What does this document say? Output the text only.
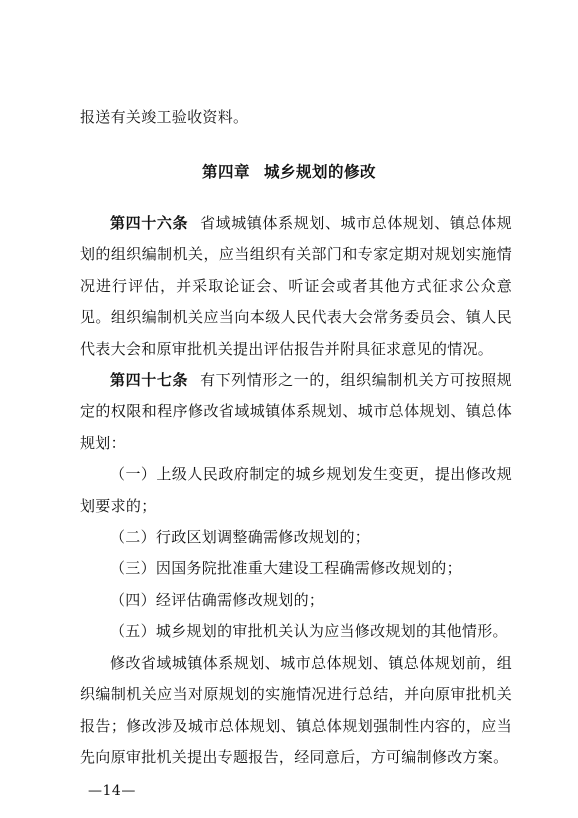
报送有关竣工验收资料。

第四章 城乡规划的修改

第四十六条 省域城镇体系规划、城市总体规划、镇总体规划的组织编制机关，应当组织有关部门和专家定期对规划实施情况进行评估，并采取论证会、听证会或者其他方式征求公众意见。组织编制机关应当向本级人民代表大会常务委员会、镇人民代表大会和原审批机关提出评估报告并附具征求意见的情况。

第四十七条 有下列情形之一的，组织编制机关方可按照规定的权限和程序修改省域城镇体系规划、城市总体规划、镇总体规划：

（一）上级人民政府制定的城乡规划发生变更，提出修改规划要求的；

（二）行政区划调整确需修改规划的；

（三）因国务院批准重大建设工程确需修改规划的；

（四）经评估确需修改规划的；

（五）城乡规划的审批机关认为应当修改规划的其他情形。

修改省域城镇体系规划、城市总体规划、镇总体规划前，组织编制机关应当对原规划的实施情况进行总结，并向原审批机关报告；修改涉及城市总体规划、镇总体规划强制性内容的，应当先向原审批机关提出专题报告，经同意后，方可编制修改方案。

—14—
